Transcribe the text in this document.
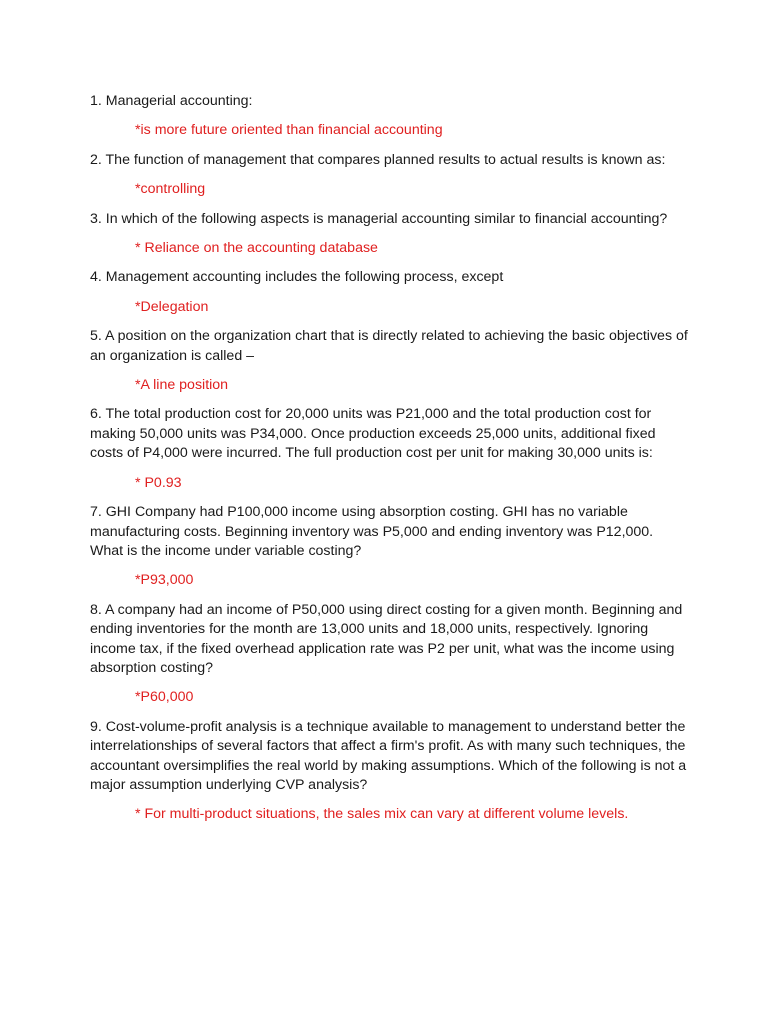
1. Managerial accounting:

*is more future oriented than financial accounting

2. The function of management that compares planned results to actual results is known as:

*controlling

3. In which of the following aspects is managerial accounting similar to financial accounting?

* Reliance on the accounting database

4. Management accounting includes the following process, except

*Delegation

5. A position on the organization chart that is directly related to achieving the basic objectives of an organization is called –

*A line position

6. The total production cost for 20,000 units was P21,000 and the total production cost for making 50,000 units was P34,000. Once production exceeds 25,000 units, additional fixed costs of P4,000 were incurred. The full production cost per unit for making 30,000 units is:

* P0.93

7. GHI Company had P100,000 income using absorption costing. GHI has no variable manufacturing costs. Beginning inventory was P5,000 and ending inventory was P12,000. What is the income under variable costing?

*P93,000

8. A company had an income of P50,000 using direct costing for a given month. Beginning and ending inventories for the month are 13,000 units and 18,000 units, respectively. Ignoring income tax, if the fixed overhead application rate was P2 per unit, what was the income using absorption costing?

*P60,000

9. Cost-volume-profit analysis is a technique available to management to understand better the interrelationships of several factors that affect a firm's profit. As with many such techniques, the accountant oversimplifies the real world by making assumptions. Which of the following is not a major assumption underlying CVP analysis?

* For multi-product situations, the sales mix can vary at different volume levels.
